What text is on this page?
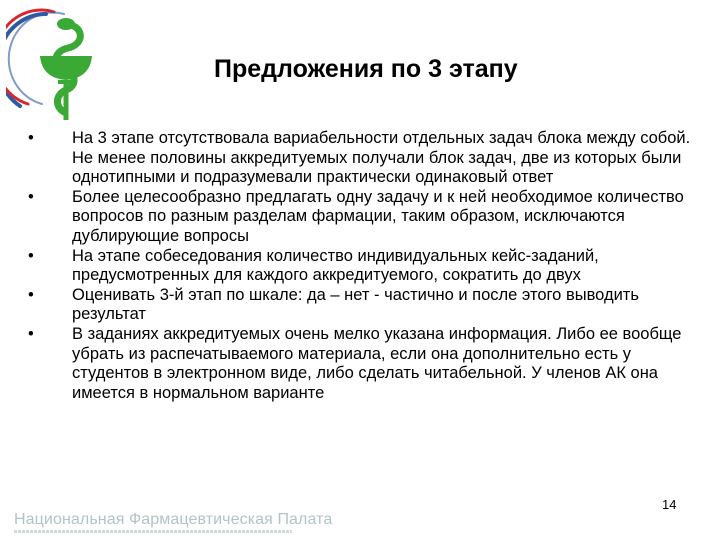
Предложения по 3 этапу
•	На 3 этапе отсутствовала вариабельности отдельных задач блока между собой. Не менее половины аккредитуемых получали блок задач, две из которых были однотипными и подразумевали практически одинаковый ответ
•	Более целесообразно предлагать одну задачу и к ней необходимое количество вопросов по разным разделам фармации, таким образом, исключаются дублирующие вопросы
•	На этапе собеседования количество индивидуальных кейс-заданий, предусмотренных для каждого аккредитуемого, сократить до двух
•	Оценивать 3-й этап по шкале: да – нет - частично и после этого выводить результат
•	В заданиях аккредитуемых очень мелко указана информация. Либо ее вообще убрать из распечатываемого материала, если она дополнительно есть у студентов в электронном виде, либо сделать читабельной. У членов АК она имеется в нормальном варианте
14
Национальная Фармацевтическая Палата
